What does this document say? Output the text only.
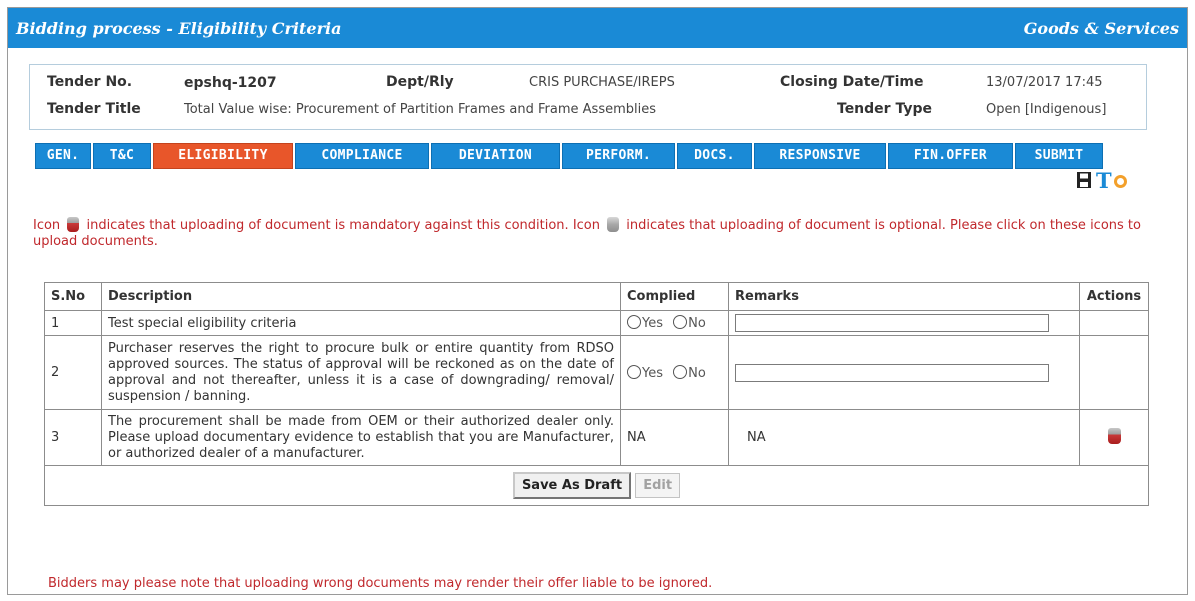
Bidding process - Eligibility Criteria	Goods & Services
Tender No.	epshq-1207	Dept/Rly	CRIS PURCHASE/IREPS	Closing Date/Time	13/07/2017 17:45
Tender Title	Total Value wise: Procurement of Partition Frames and Frame Assemblies	Tender Type	Open [Indigenous]
GEN.	T&C	ELIGIBILITY	COMPLIANCE	DEVIATION	PERFORM.	DOCS.	RESPONSIVE	FIN.OFFER	SUBMIT
T
Icon indicates that uploading of document is mandatory against this condition. Icon indicates that uploading of document is optional. Please click on these icons to upload documents.
S.No	Description	Complied	Remarks	Actions
1	Test special eligibility criteria	Yes No		
2	Purchaser reserves the right to procure bulk or entire quantity from RDSO approved sources. The status of approval will be reckoned as on the date of approval and not thereafter, unless it is a case of downgrading/ removal/ suspension / banning.	Yes No		
3	The procurement shall be made from OEM or their authorized dealer only. Please upload documentary evidence to establish that you are Manufacturer, or authorized dealer of a manufacturer.	NA	NA	
Save As Draft Edit				
Bidders may please note that uploading wrong documents may render their offer liable to be ignored.
